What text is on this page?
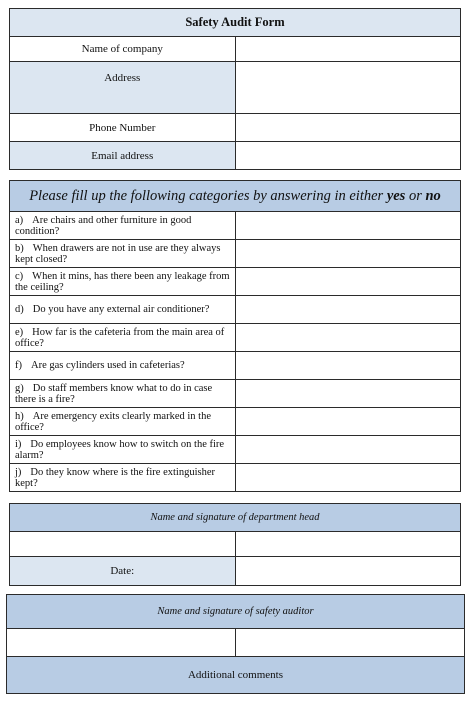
Safety Audit Form	
Name of company	
Address	
Phone Number	
Email address	
Please fill up the following categories by answering in either yes or no	
a) Are chairs and other furniture in good condition?	
b) When drawers are not in use are they always kept closed?	
c) When it mins, has there been any leakage from the ceiling?	
d) Do you have any external air conditioner?	
e) How far is the cafeteria from the main area of office?	
f) Are gas cylinders used in cafeterias?	
g) Do staff members know what to do in case there is a fire?	
h) Are emergency exits clearly marked in the office?	
i) Do employees know how to switch on the fire alarm?	
j) Do they know where is the fire extinguisher kept?	
Name and signature of department head	

Date:	
Name and signature of safety auditor

Additional comments
